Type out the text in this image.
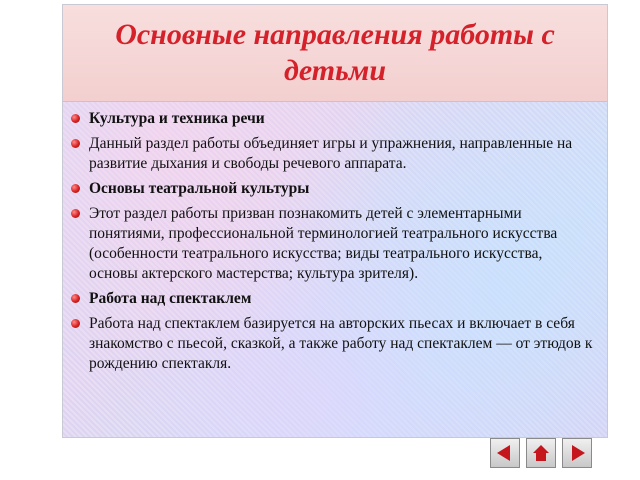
Основные направления работы с детьми
Культура и техника речи
Данный раздел работы объединяет игры и упражнения, направленные на развитие дыхания и свободы речевого аппарата.
Основы театральной культуры
Этот раздел работы призван познакомить детей с элементарными понятиями, профессиональной терминологией театрального искусства (особенности театрального искусства; виды театрального искусства, основы актерского мастерства; культура зрителя).
Работа над спектаклем
Работа над спектаклем базируется на авторских пьесах и включает в себя знакомство с пьесой, сказкой, а также работу над спектаклем — от этюдов к рождению спектакля.
